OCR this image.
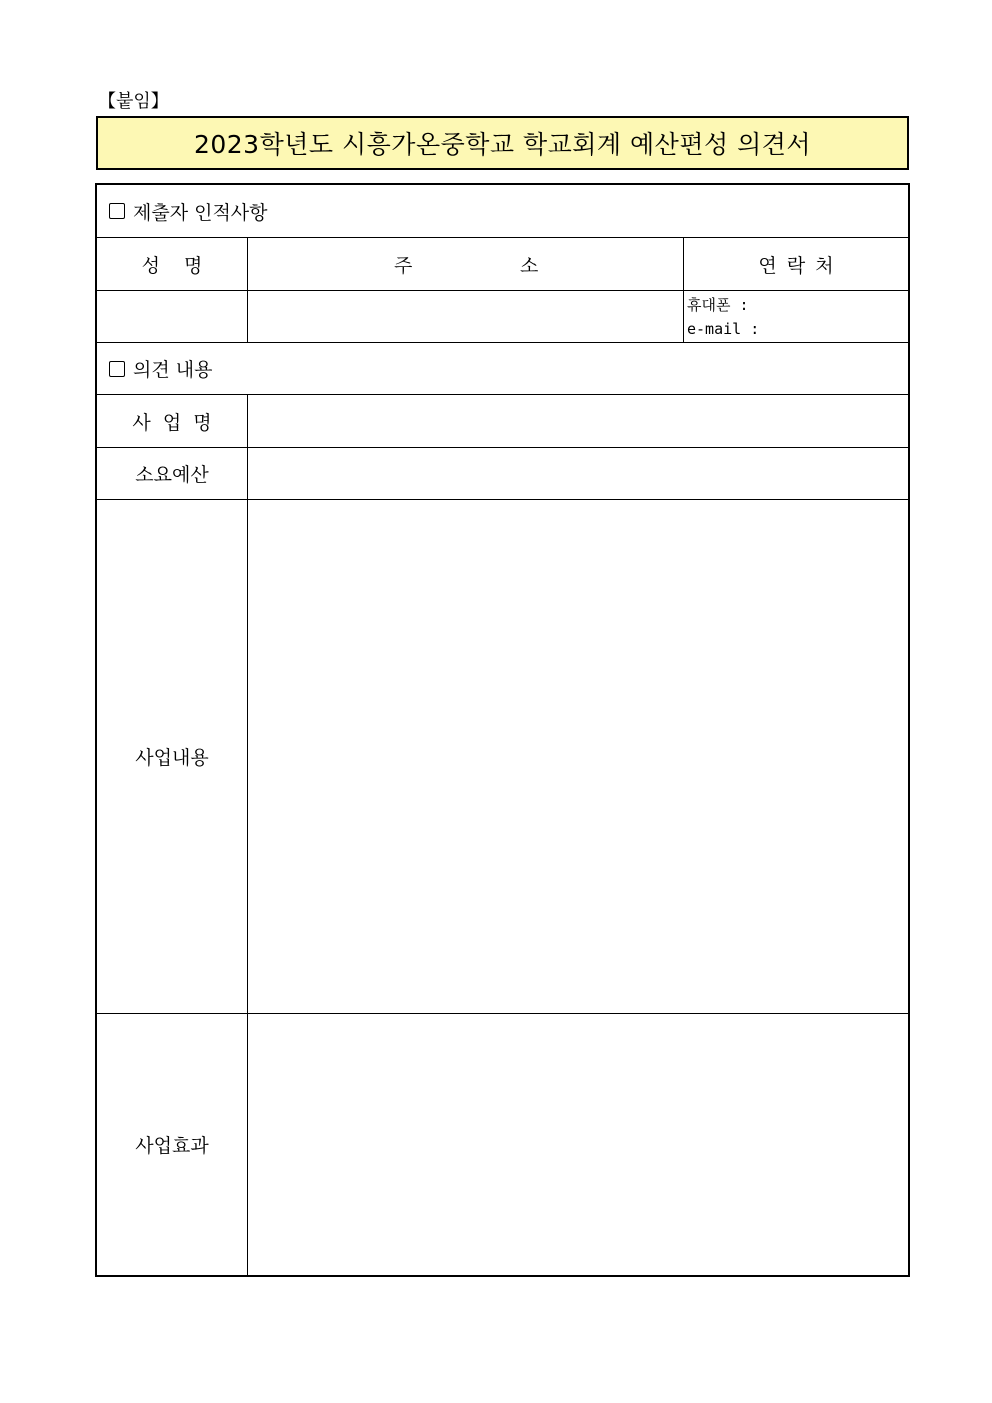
【붙임】
2023학년도 시흥가온중학교 학교회계 예산편성 의견서
제출자 인적사항
성 명	주	소	연 락 처
휴대폰 :
e-mail :
의견 내용
사 업 명
소요예산
사업내용
사업효과
